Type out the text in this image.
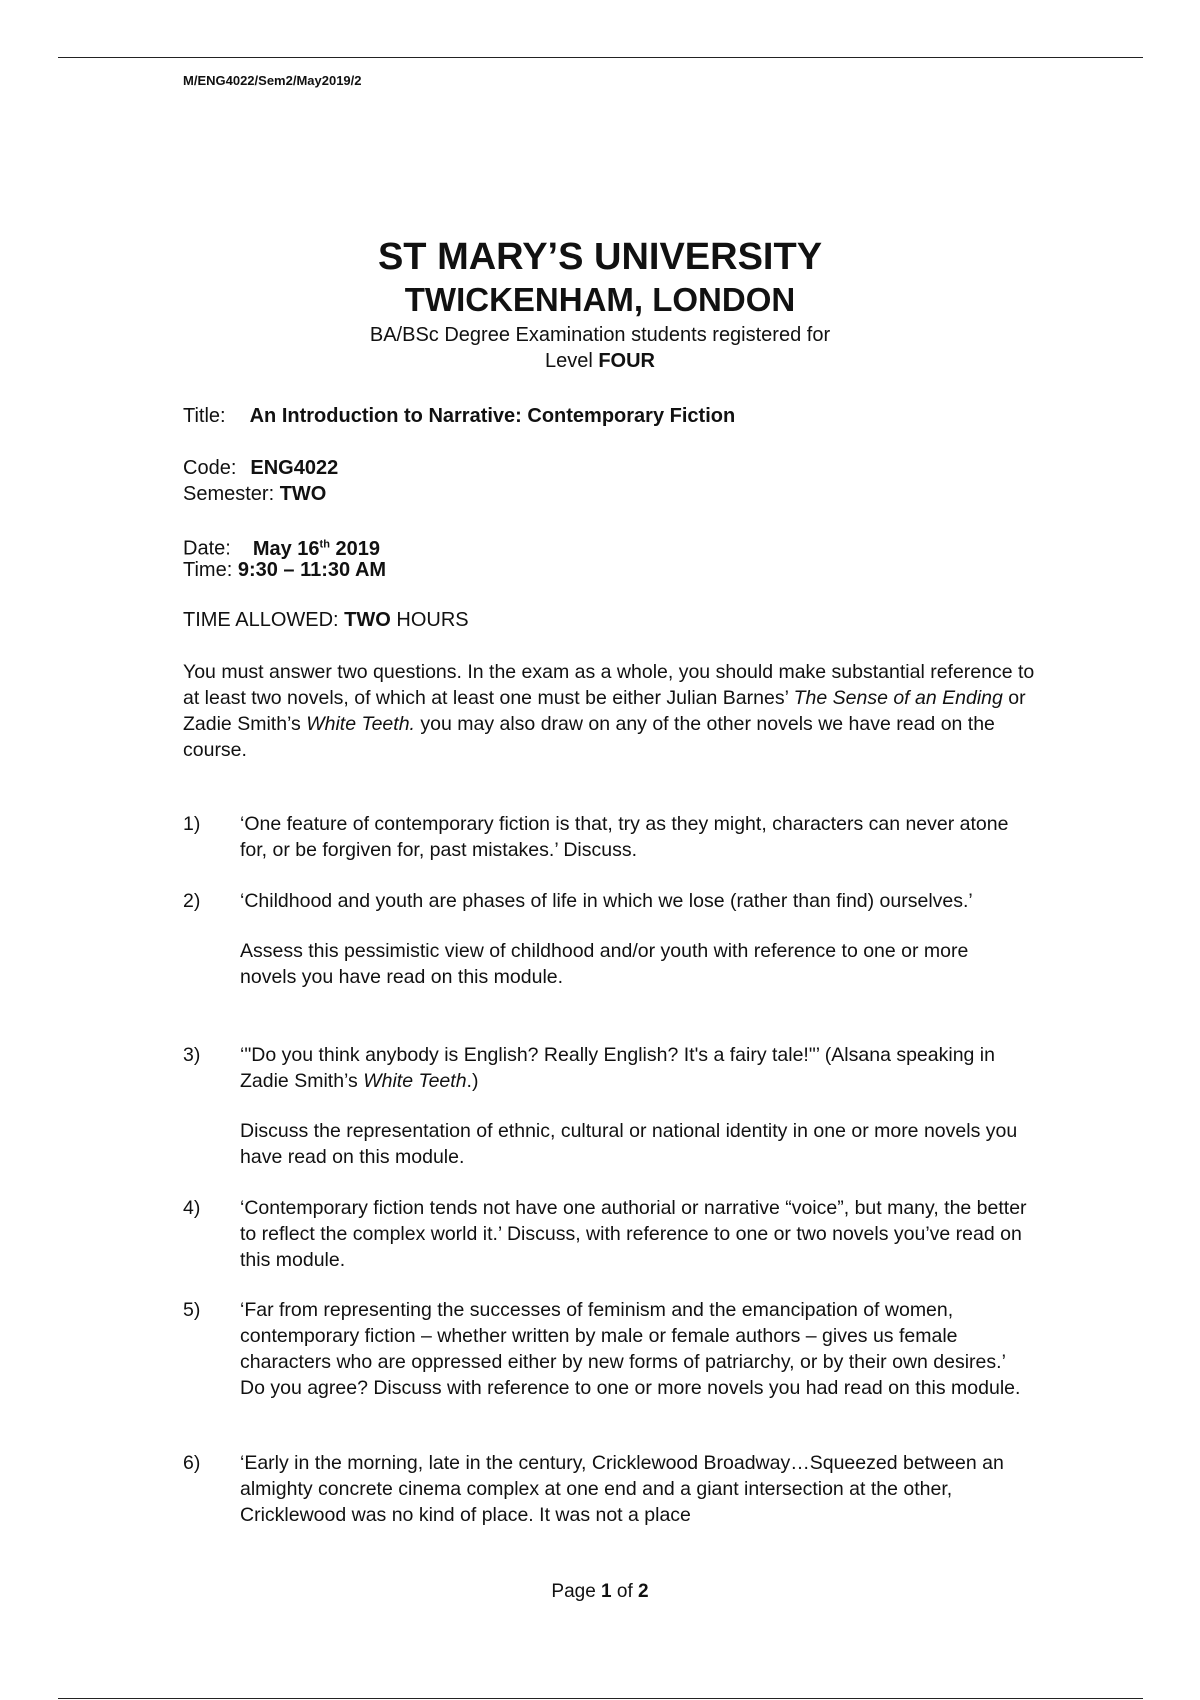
M/ENG4022/Sem2/May2019/2
ST MARY’S UNIVERSITY
TWICKENHAM, LONDON
BA/BSc Degree Examination students registered for
Level FOUR
Title: An Introduction to Narrative: Contemporary Fiction
Code: ENG4022
Semester: TWO
Date: May 16th 2019
Time: 9:30 – 11:30 AM
TIME ALLOWED: TWO HOURS

You must answer two questions. In the exam as a whole, you should make substantial reference to at least two novels, of which at least one must be either Julian Barnes’ The Sense of an Ending or Zadie Smith’s White Teeth. you may also draw on any of the other novels we have read on the course.

1) ‘One feature of contemporary fiction is that, try as they might, characters can never atone for, or be forgiven for, past mistakes.’ Discuss.

2) ‘Childhood and youth are phases of life in which we lose (rather than find) ourselves.’

Assess this pessimistic view of childhood and/or youth with reference to one or more novels you have read on this module.

3) ‘"Do you think anybody is English? Really English? It's a fairy tale!"’ (Alsana speaking in Zadie Smith’s White Teeth.)

Discuss the representation of ethnic, cultural or national identity in one or more novels you have read on this module.

4) ‘Contemporary fiction tends not have one authorial or narrative “voice”, but many, the better to reflect the complex world it.’ Discuss, with reference to one or two novels you’ve read on this module.

5) ‘Far from representing the successes of feminism and the emancipation of women, contemporary fiction – whether written by male or female authors – gives us female characters who are oppressed either by new forms of patriarchy, or by their own desires.’ Do you agree? Discuss with reference to one or more novels you had read on this module.

6) ‘Early in the morning, late in the century, Cricklewood Broadway…Squeezed between an almighty concrete cinema complex at one end and a giant intersection at the other, Cricklewood was no kind of place. It was not a place

Page 1 of 2
